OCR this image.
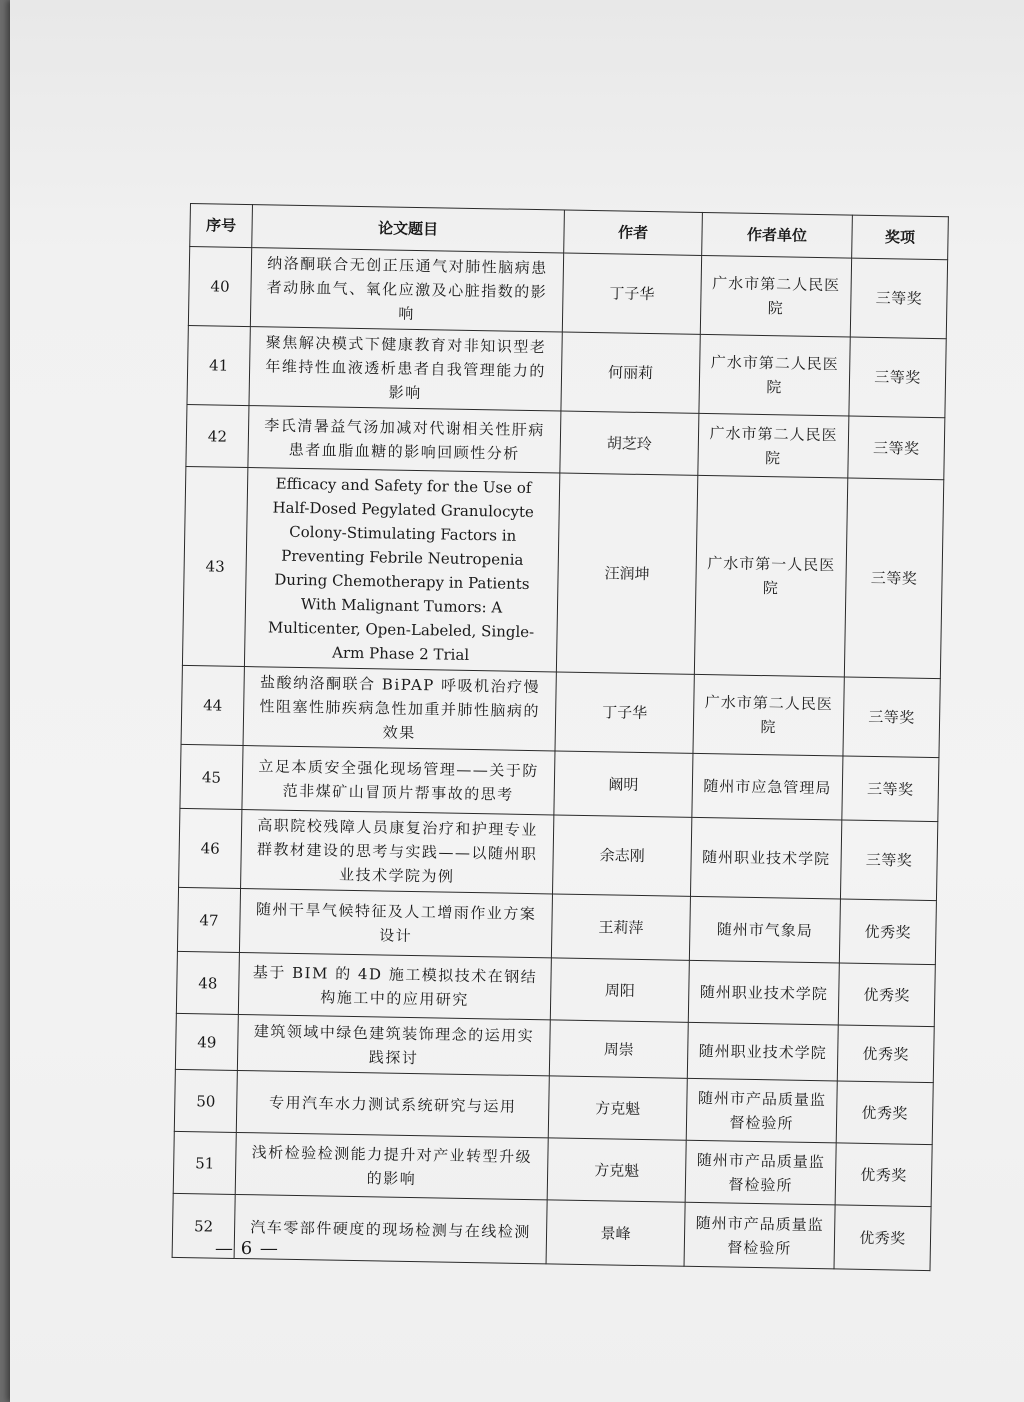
序号	论文题目	作者	作者单位	奖项
40	纳洛酮联合无创正压通气对肺性脑病患者动脉血气、氧化应激及心脏指数的影响	丁子华	广水市第二人民医院	三等奖
41	聚焦解决模式下健康教育对非知识型老年维持性血液透析患者自我管理能力的影响	何丽莉	广水市第二人民医院	三等奖
42	李氏清暑益气汤加减对代谢相关性肝病患者血脂血糖的影响回顾性分析	胡芝玲	广水市第二人民医院	三等奖
43	Efficacy and Safety for the Use of Half-Dosed Pegylated Granulocyte Colony-Stimulating Factors in Preventing Febrile Neutropenia During Chemotherapy in Patients With Malignant Tumors: A Multicenter, Open-Labeled, Single-Arm Phase 2 Trial	汪润坤	广水市第一人民医院	三等奖
44	盐酸纳洛酮联合 BiPAP 呼吸机治疗慢性阻塞性肺疾病急性加重并肺性脑病的效果	丁子华	广水市第二人民医院	三等奖
45	立足本质安全强化现场管理——关于防范非煤矿山冒顶片帮事故的思考	阚明	随州市应急管理局	三等奖
46	高职院校残障人员康复治疗和护理专业群教材建设的思考与实践——以随州职业技术学院为例	余志刚	随州职业技术学院	三等奖
47	随州干旱气候特征及人工增雨作业方案设计	王莉萍	随州市气象局	优秀奖
48	基于 BIM 的 4D 施工模拟技术在钢结构施工中的应用研究	周阳	随州职业技术学院	优秀奖
49	建筑领域中绿色建筑装饰理念的运用实践探讨	周崇	随州职业技术学院	优秀奖
50	专用汽车水力测试系统研究与运用	方克魁	随州市产品质量监督检验所	优秀奖
51	浅析检验检测能力提升对产业转型升级的影响	方克魁	随州市产品质量监督检验所	优秀奖
52	汽车零部件硬度的现场检测与在线检测	景峰	随州市产品质量监督检验所	优秀奖
— 6 —
